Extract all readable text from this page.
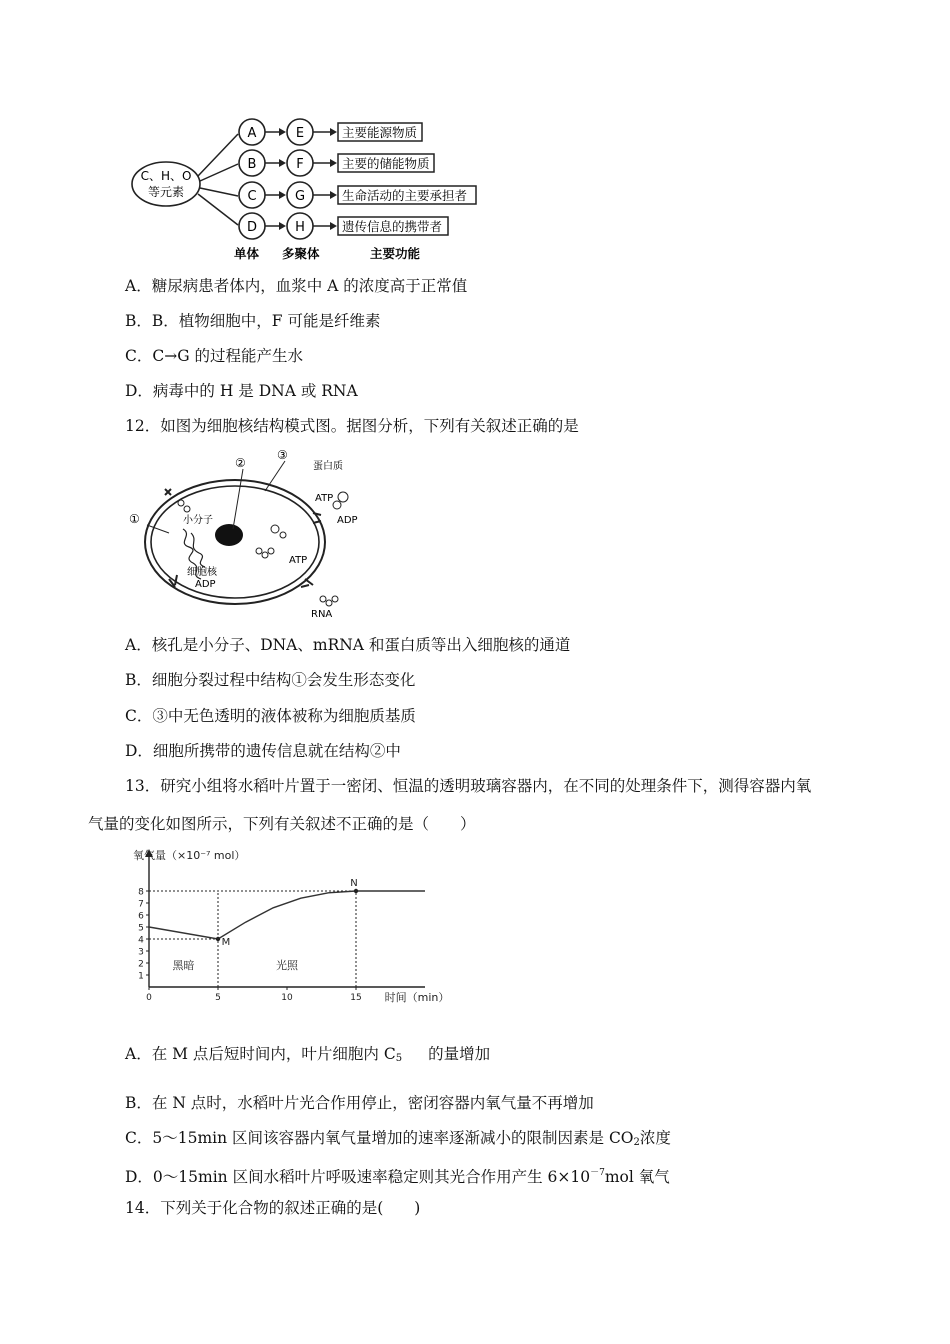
C、H、O
等元素
A
B
C
D
E
F
G
H
主要能源物质
主要的储能物质
生命活动的主要承担者
遗传信息的携带者
单体 多聚体	主要功能
A．糖尿病患者体内，血浆中 A 的浓度高于正常值
B．B．植物细胞中，F 可能是纤维素
C．C→G 的过程能产生水
D．病毒中的 H 是 DNA 或 RNA
12．如图为细胞核结构模式图。据图分析，下列有关叙述正确的是
①
②
③
蛋白质
ATP
ADP
小分子
细胞核
ATP
ADP
RNA
A．核孔是小分子、DNA、mRNA 和蛋白质等出入细胞核的通道
B．细胞分裂过程中结构①会发生形态变化
C．③中无色透明的液体被称为细胞质基质
D．细胞所携带的遗传信息就在结构②中
13．研究小组将水稻叶片置于一密闭、恒温的透明玻璃容器内，在不同的处理条件下，测得容器内氧
气量的变化如图所示，下列有关叙述不正确的是（　　）
氧气量（×10⁻⁷ mol）
时间（min）
1
2
3
4
5
6
7
8
0	5	10	15
黑暗	光照
M
N
A．在 M 点后短时间内，叶片细胞内 $C_5$ 的量增加
B．在 N 点时，水稻叶片光合作用停止，密闭容器内氧气量不再增加
C．5～15min 区间该容器内氧气量增加的速率逐渐减小的限制因素是 $CO_2$浓度
D．0～15min 区间水稻叶片呼吸速率稳定则其光合作用产生 $6\times 10^{-7}mol$ 氧气
14．下列关于化合物的叙述正确的是(　　)
